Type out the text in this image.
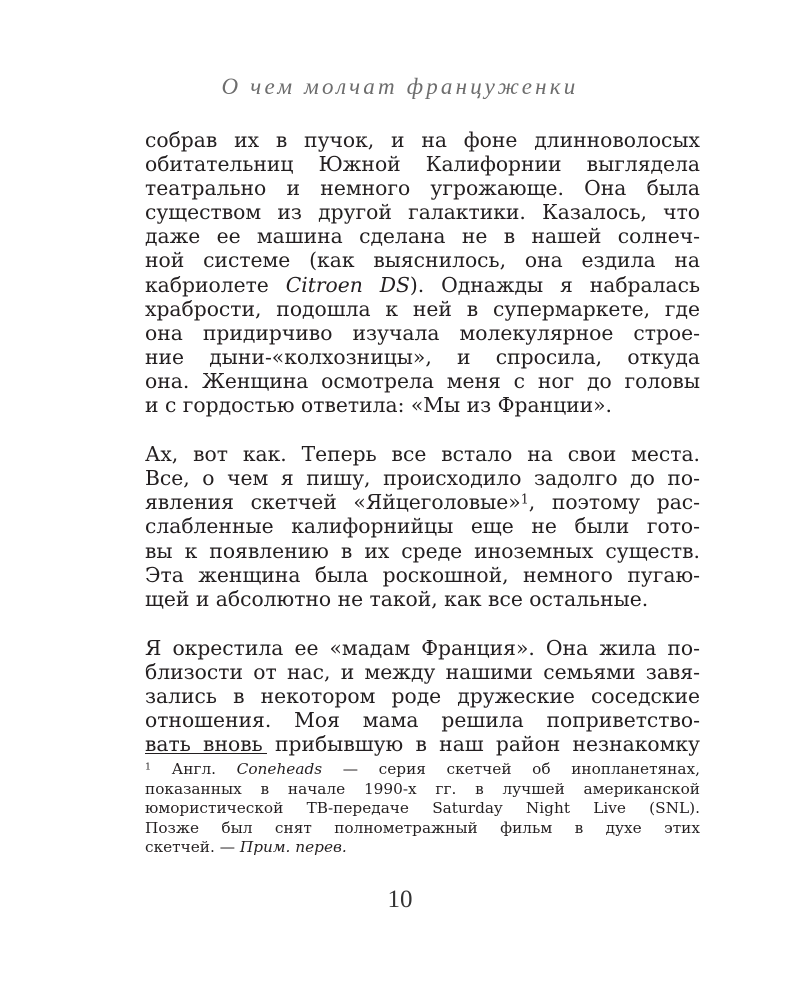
О чем молчат француженки

собрав их в пучок, и на фоне длинноволосых
обитательниц Южной Калифорнии выглядела
театрально и немного угрожающе. Она была
существом из другой галактики. Казалось, что
даже ее машина сделана не в нашей солнеч-
ной системе (как выяснилось, она ездила на
кабриолете Citroen DS). Однажды я набралась
храбрости, подошла к ней в супермаркете, где
она придирчиво изучала молекулярное строе-
ние дыни-«колхозницы», и спросила, откуда
она. Женщина осмотрела меня с ног до головы
и с гордостью ответила: «Мы из Франции».

Ах, вот как. Теперь все встало на свои места.
Все, о чем я пишу, происходило задолго до по-
явления скетчей «Яйцеголовые»$^1$, поэтому рас-
слабленные калифорнийцы еще не были гото-
вы к появлению в их среде иноземных существ.
Эта женщина была роскошной, немного пугаю-
щей и абсолютно не такой, как все остальные.

Я окрестила ее «мадам Франция». Она жила по-
близости от нас, и между нашими семьями завя-
зались в некотором роде дружеские соседские
отношения. Моя мама решила поприветство-
вать вновь прибывшую в наш район незнакомку

$^1$ Англ. Coneheads — серия скетчей об инопланетянах,
показанных в начале 1990-х гг. в лучшей американской
юмористической ТВ-передаче Saturday Night Live (SNL).
Позже был снят полнометражный фильм в духе этих
скетчей. — Прим. перев.
10
